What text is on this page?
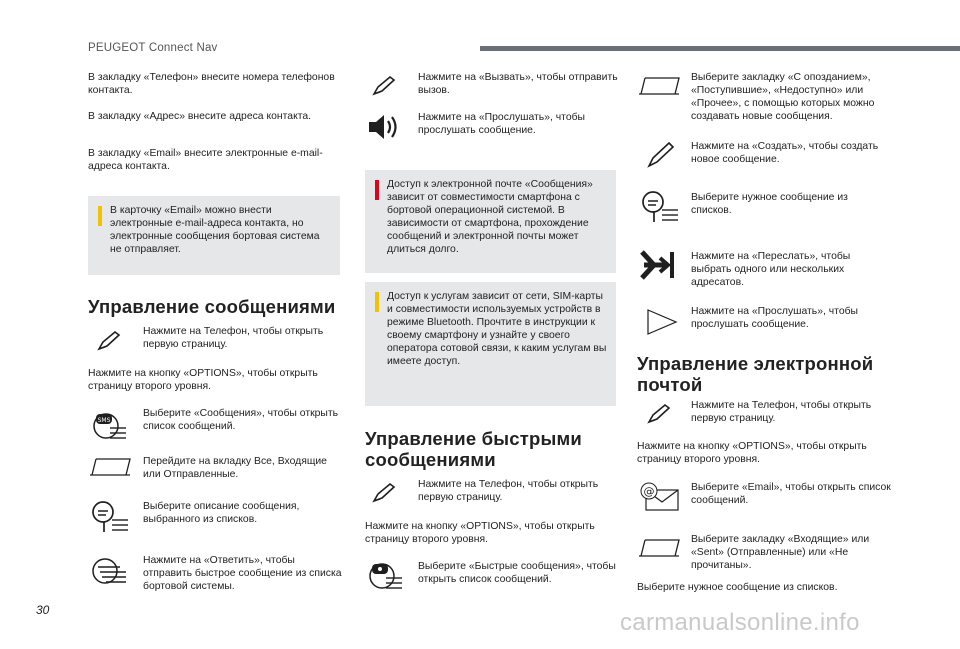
PEUGEOT Connect Nav
В закладку «Телефон» внесите номера телефонов контакта.
В закладку «Адрес» внесите адреса контакта.
В закладку «Email» внесите электронные e-mail-адреса контакта.
В карточку «Email» можно внести электронные e-mail-адреса контакта, но электронные сообщения бортовая система не отправляет.
Управление сообщениями
Нажмите на Телефон, чтобы открыть первую страницу.
Нажмите на кнопку «OPTIONS», чтобы открыть страницу второго уровня.
SMS
Выберите «Сообщения», чтобы открыть список сообщений.
Перейдите на вкладку Все, Входящие или Отправленные.
Выберите описание сообщения, выбранного из списков.
Нажмите на «Ответить», чтобы отправить быстрое сообщение из списка бортовой системы.
Нажмите на «Вызвать», чтобы отправить вызов.
Нажмите на «Прослушать», чтобы прослушать сообщение.
Доступ к электронной почте «Сообщения» зависит от совместимости смартфона с бортовой операционной системой. В зависимости от смартфона, прохождение сообщений и электронной почты может длиться долго.
Доступ к услугам зависит от сети, SIM-карты и совместимости используемых устройств в режиме Bluetooth. Прочтите в инструкции к своему смартфону и узнайте у своего оператора сотовой связи, к каким услугам вы имеете доступ.
Управление быстрыми сообщениями
Нажмите на Телефон, чтобы открыть первую страницу.
Нажмите на кнопку «OPTIONS», чтобы открыть страницу второго уровня.
Выберите «Быстрые сообщения», чтобы открыть список сообщений.
Выберите закладку «С опозданием», «Поступившие», «Недоступно» или «Прочее», с помощью которых можно создавать новые сообщения.
Нажмите на «Создать», чтобы создать новое сообщение.
Выберите нужное сообщение из списков.
Нажмите на «Переслать», чтобы выбрать одного или нескольких адресатов.
Нажмите на «Прослушать», чтобы прослушать сообщение.
Управление электронной почтой
Нажмите на Телефон, чтобы открыть первую страницу.
Нажмите на кнопку «OPTIONS», чтобы открыть страницу второго уровня.
@	Выберите «Email», чтобы открыть список сообщений.
Выберите закладку «Входящие» или «Sent» (Отправленные) или «Не прочитаны».
Выберите нужное сообщение из списков.
30	carmanualsonline.info
